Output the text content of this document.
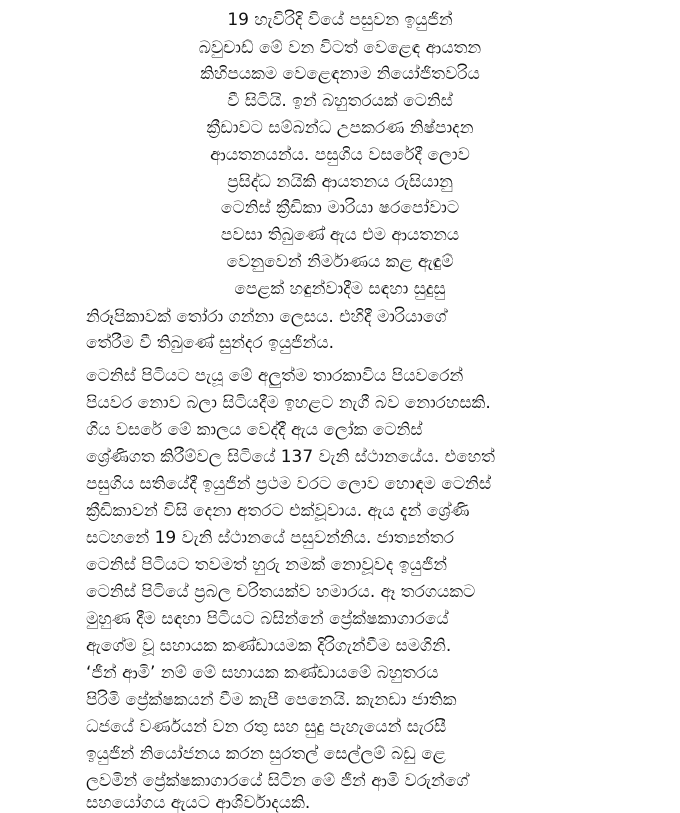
19 හැවිරිදි වියේ පසුවන ඉයුජින්
බවුචාඩ් මේ වන විටත් වෙළෙඳ ආයතන
කිහිපයකම වෙළෙඳනාම නියෝජිතවරිය
වී සිටියි. ඉන් බහුතරයක් ටෙනිස්
ක්‍රීඩාවට සම්බන්ධ උපකරණ නිෂ්පාදන
ආයතනයන්ය. පසුගිය වසරේදී ලොව
ප්‍රසිද්ධ නයිකි ආයතනය රුසියානු
ටෙනිස් ක්‍රීඩිකා මාරියා ෂරපෝවාට
පවසා තිබුණේ ඇය එම ආයතනය
වෙනුවෙන් නිර්මාණය කළ ඇඳුම්
පෙළක් හඳුන්වාදීම සඳහා සුදුසු
නිරූපිකාවක් තෝරා ගන්නා ලෙසය. එහිදී මාරියාගේ
තේරීම වී තිබුණේ සුන්දර ඉයුජින්ය.
ටෙනිස් පිටියට පැයූ මේ අලුත්ම තාරකාවිය පියවරෙන්
පියවර නොව බලා සිටියදීම ඉහළට නැගී බව නොරහසකි.
ගිය වසරේ මේ කාලය වෙද්දී ඇය ලෝක ටෙනිස්
ශ්‍රේණිගත කිරීම්වල සිටියේ 137 වැනි ස්ථානයේය. එහෙත්
පසුගිය සතියේදී ඉයුජින් ප්‍රථම වරට ලොව හොඳම ටෙනිස්
ක්‍රීඩිකාවන් විසි දෙනා අතරට එක්වූවාය. ඇය දැන් ශ්‍රේණි
සටහනේ 19 වැනි ස්ථානයේ පසුවන්නිය. ජාත්‍යන්තර
ටෙනිස් පිටියට තවමත් හුරු නමක් නොවූවද ඉයුජින්
ටෙනිස් පිටියේ ප්‍රබල චරිතයක්ව හමාරය. ඈ තරගයකට
මුහුණ දීම සඳහා පිටියට බසින්නේ ප්‍රේක්ෂකාගාරයේ
ඇගේම වූ සහායක කණ්ඩායමක දිරිගැන්වීම සමගිනි.
‘ජීන් ආමි’ නම් මේ සහායක කණ්ඩායමේ බහුතරය
පිරිමි ප්‍රේක්ෂකයන් වීම කැපී පෙනෙයි. කැනඩා ජාතික
ධජයේ වර්ණයන් වන රතු සහ සුදු පැහැයෙන් සැරසී
ඉයුජින් නියෝජනය කරන සුරතල් සෙල්ලම් බඩු ළෙ
ලවමින් ප්‍රේක්ෂකාගාරයේ සිටින මේ ජීන් ආමි වරුන්ගේ
සහයෝගය ඇයට ආශිර්වාදයකි.
